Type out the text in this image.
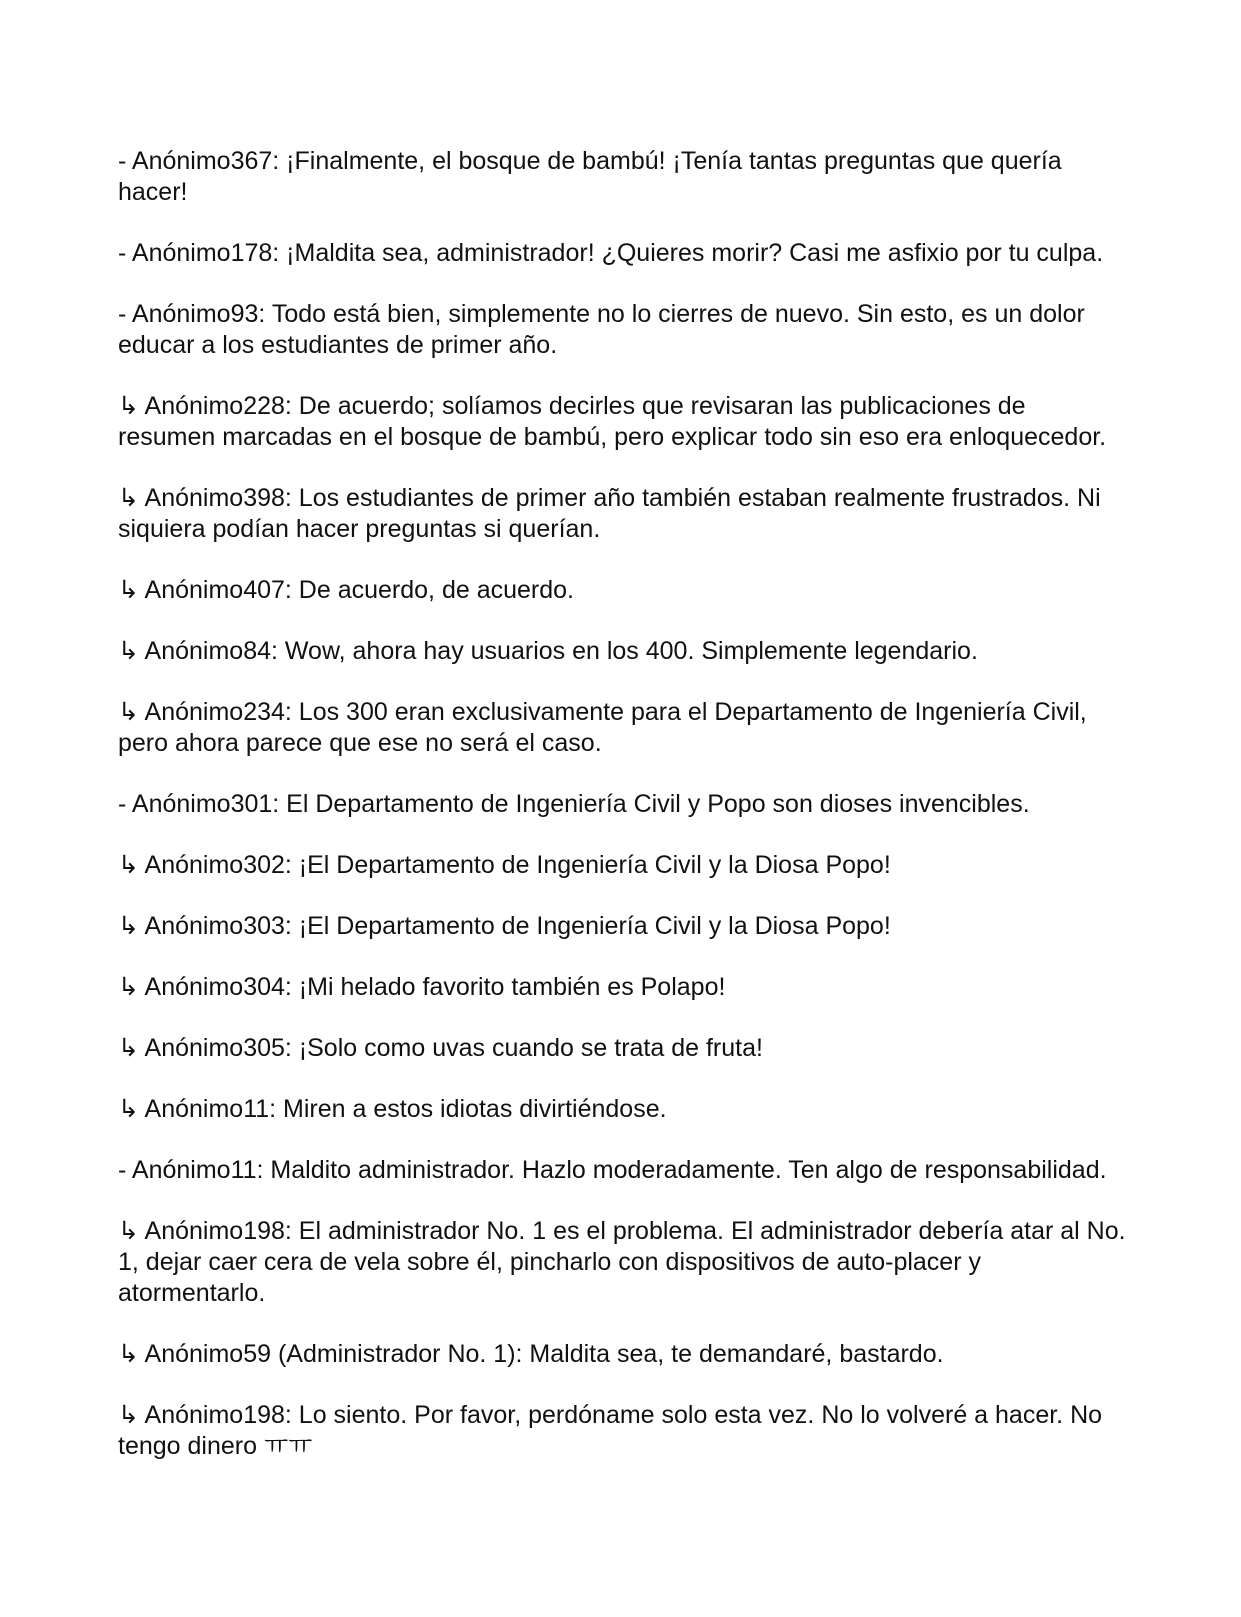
- Anónimo367: ¡Finalmente, el bosque de bambú! ¡Tenía tantas preguntas que quería hacer!

- Anónimo178: ¡Maldita sea, administrador! ¿Quieres morir? Casi me asfixio por tu culpa.

- Anónimo93: Todo está bien, simplemente no lo cierres de nuevo. Sin esto, es un dolor educar a los estudiantes de primer año.

↳ Anónimo228: De acuerdo; solíamos decirles que revisaran las publicaciones de resumen marcadas en el bosque de bambú, pero explicar todo sin eso era enloquecedor.

↳ Anónimo398: Los estudiantes de primer año también estaban realmente frustrados. Ni siquiera podían hacer preguntas si querían.

↳ Anónimo407: De acuerdo, de acuerdo.

↳ Anónimo84: Wow, ahora hay usuarios en los 400. Simplemente legendario.

↳ Anónimo234: Los 300 eran exclusivamente para el Departamento de Ingeniería Civil, pero ahora parece que ese no será el caso.

- Anónimo301: El Departamento de Ingeniería Civil y Popo son dioses invencibles.

↳ Anónimo302: ¡El Departamento de Ingeniería Civil y la Diosa Popo!

↳ Anónimo303: ¡El Departamento de Ingeniería Civil y la Diosa Popo!

↳ Anónimo304: ¡Mi helado favorito también es Polapo!

↳ Anónimo305: ¡Solo como uvas cuando se trata de fruta!

↳ Anónimo11: Miren a estos idiotas divirtiéndose.

- Anónimo11: Maldito administrador. Hazlo moderadamente. Ten algo de responsabilidad.

↳ Anónimo198: El administrador No. 1 es el problema. El administrador debería atar al No. 1, dejar caer cera de vela sobre él, pincharlo con dispositivos de auto-placer y atormentarlo.

↳ Anónimo59 (Administrador No. 1): Maldita sea, te demandaré, bastardo.

↳ Anónimo198: Lo siento. Por favor, perdóname solo esta vez. No lo volveré a hacer. No tengo dinero ㅠㅠ
